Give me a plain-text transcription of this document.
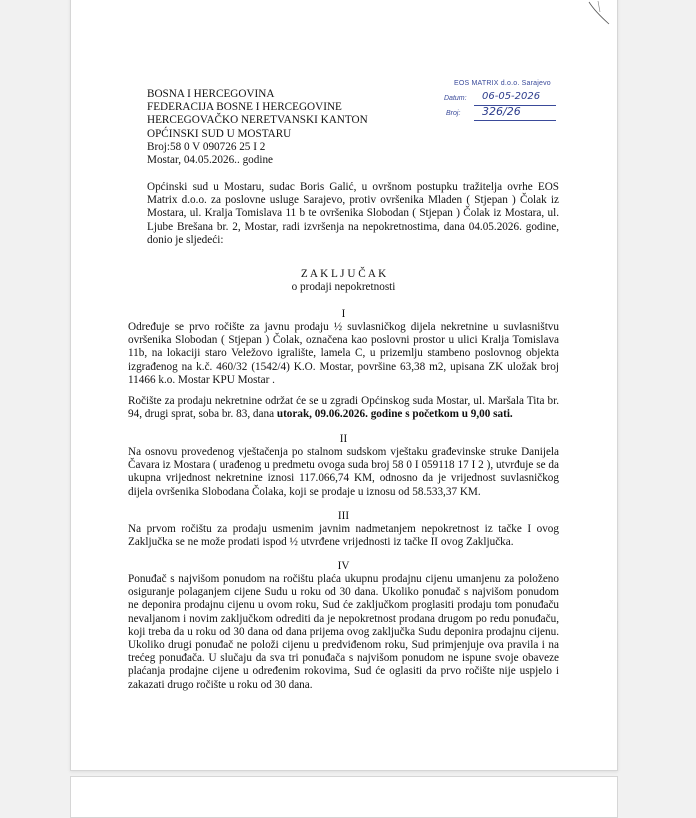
BOSNA I HERCEGOVINA
FEDERACIJA BOSNE I HERCEGOVINE
HERCEGOVAČKO NERETVANSKI KANTON
OPĆINSKI SUD U MOSTARU
Broj:58 0 V 090726 25 I 2
Mostar, 04.05.2026.. godine
EOS MATRIX d.o.o. Sarajevo
Datum: 06-05-2026
Broj: 326/26
Općinski sud u Mostaru, sudac Boris Galić, u ovršnom postupku tražitelja ovrhe EOS Matrix d.o.o. za poslovne usluge Sarajevo, protiv ovršenika Mladen ( Stjepan ) Čolak iz Mostara, ul. Kralja Tomislava 11 b te ovršenika Slobodan ( Stjepan ) Čolak iz Mostara, ul. Ljube Brešana br. 2, Mostar, radi izvršenja na nepokretnostima, dana 04.05.2026. godine, donio je sljedeći:
Z A K L J U Č A K
o prodaji nepokretnosti
I
Određuje se prvo ročište za javnu prodaju ½ suvlasničkog dijela nekretnine u suvlasništvu ovršenika Slobodan ( Stjepan ) Čolak, označena kao poslovni prostor u ulici Kralja Tomislava 11b, na lokaciji staro Veležovo igralište, lamela C, u prizemlju stambeno poslovnog objekta izgrađenog na k.č. 460/32 (1542/4) K.O. Mostar, površine 63,38 m2, upisana ZK uložak broj 11466 k.o. Mostar KPU Mostar .
Ročište za prodaju nekretnine održat će se u zgradi Općinskog suda Mostar, ul. Maršala Tita br. 94, drugi sprat, soba br. 83, dana utorak, 09.06.2026. godine s početkom u 9,00 sati.
II
Na osnovu provedenog vještačenja po stalnom sudskom vještaku građevinske struke Danijela Čavara iz Mostara ( urađenog u predmetu ovoga suda broj 58 0 I 059118 17 I 2 ), utvrđuje se da ukupna vrijednost nekretnine iznosi 117.066,74 KM, odnosno da je vrijednost suvlasničkog dijela ovršenika Slobodana Čolaka, koji se prodaje u iznosu od 58.533,37 KM.
III
Na prvom ročištu za prodaju usmenim javnim nadmetanjem nepokretnost iz tačke I ovog Zaključka se ne može prodati ispod ½ utvrđene vrijednosti iz tačke II ovog Zaključka.
IV
Ponuđač s najvišom ponudom na ročištu plaća ukupnu prodajnu cijenu umanjenu za položeno osiguranje polaganjem cijene Sudu u roku od 30 dana. Ukoliko ponuđač s najvišom ponudom ne deponira prodajnu cijenu u ovom roku, Sud će zaključkom proglasiti prodaju tom ponuđaču nevaljanom i novim zaključkom odrediti da je nepokretnost prodana drugom po redu ponuđaču, koji treba da u roku od 30 dana od dana prijema ovog zaključka Sudu deponira prodajnu cijenu. Ukoliko drugi ponuđač ne položi cijenu u predviđenom roku, Sud primjenjuje ova pravila i na trećeg ponuđača. U slučaju da sva tri ponuđača s najvišom ponudom ne ispune svoje obaveze plaćanja prodajne cijene u određenim rokovima, Sud će oglasiti da prvo ročište nije uspjelo i zakazati drugo ročište u roku od 30 dana.
